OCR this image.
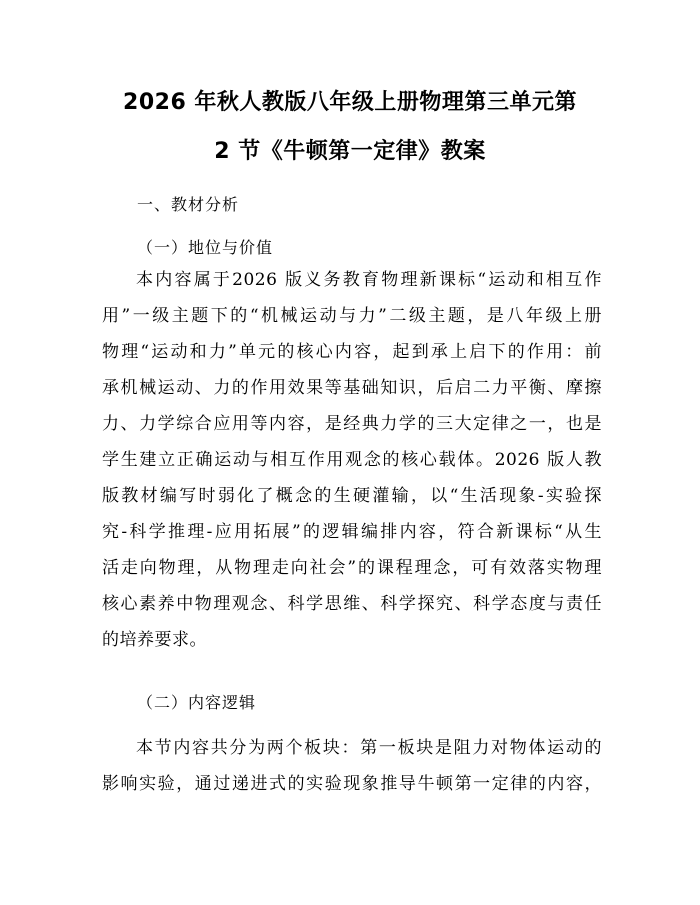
2026 年秋人教版八年级上册物理第三单元第
2 节《牛顿第一定律》教案
一、教材分析
（一）地位与价值
本内容属于2026 版义务教育物理新课标“运动和相互作
用”一级主题下的“机械运动与力”二级主题，是八年级上册
物理“运动和力”单元的核心内容，起到承上启下的作用：前
承机械运动、力的作用效果等基础知识，后启二力平衡、摩擦
力、力学综合应用等内容，是经典力学的三大定律之一，也是
学生建立正确运动与相互作用观念的核心载体。2026 版人教
版教材编写时弱化了概念的生硬灌输，以“生活现象-实验探
究-科学推理-应用拓展”的逻辑编排内容，符合新课标“从生
活走向物理，从物理走向社会”的课程理念，可有效落实物理
核心素养中物理观念、科学思维、科学探究、科学态度与责任
的培养要求。
（二）内容逻辑
本节内容共分为两个板块：第一板块是阻力对物体运动的
影响实验，通过递进式的实验现象推导牛顿第一定律的内容，
